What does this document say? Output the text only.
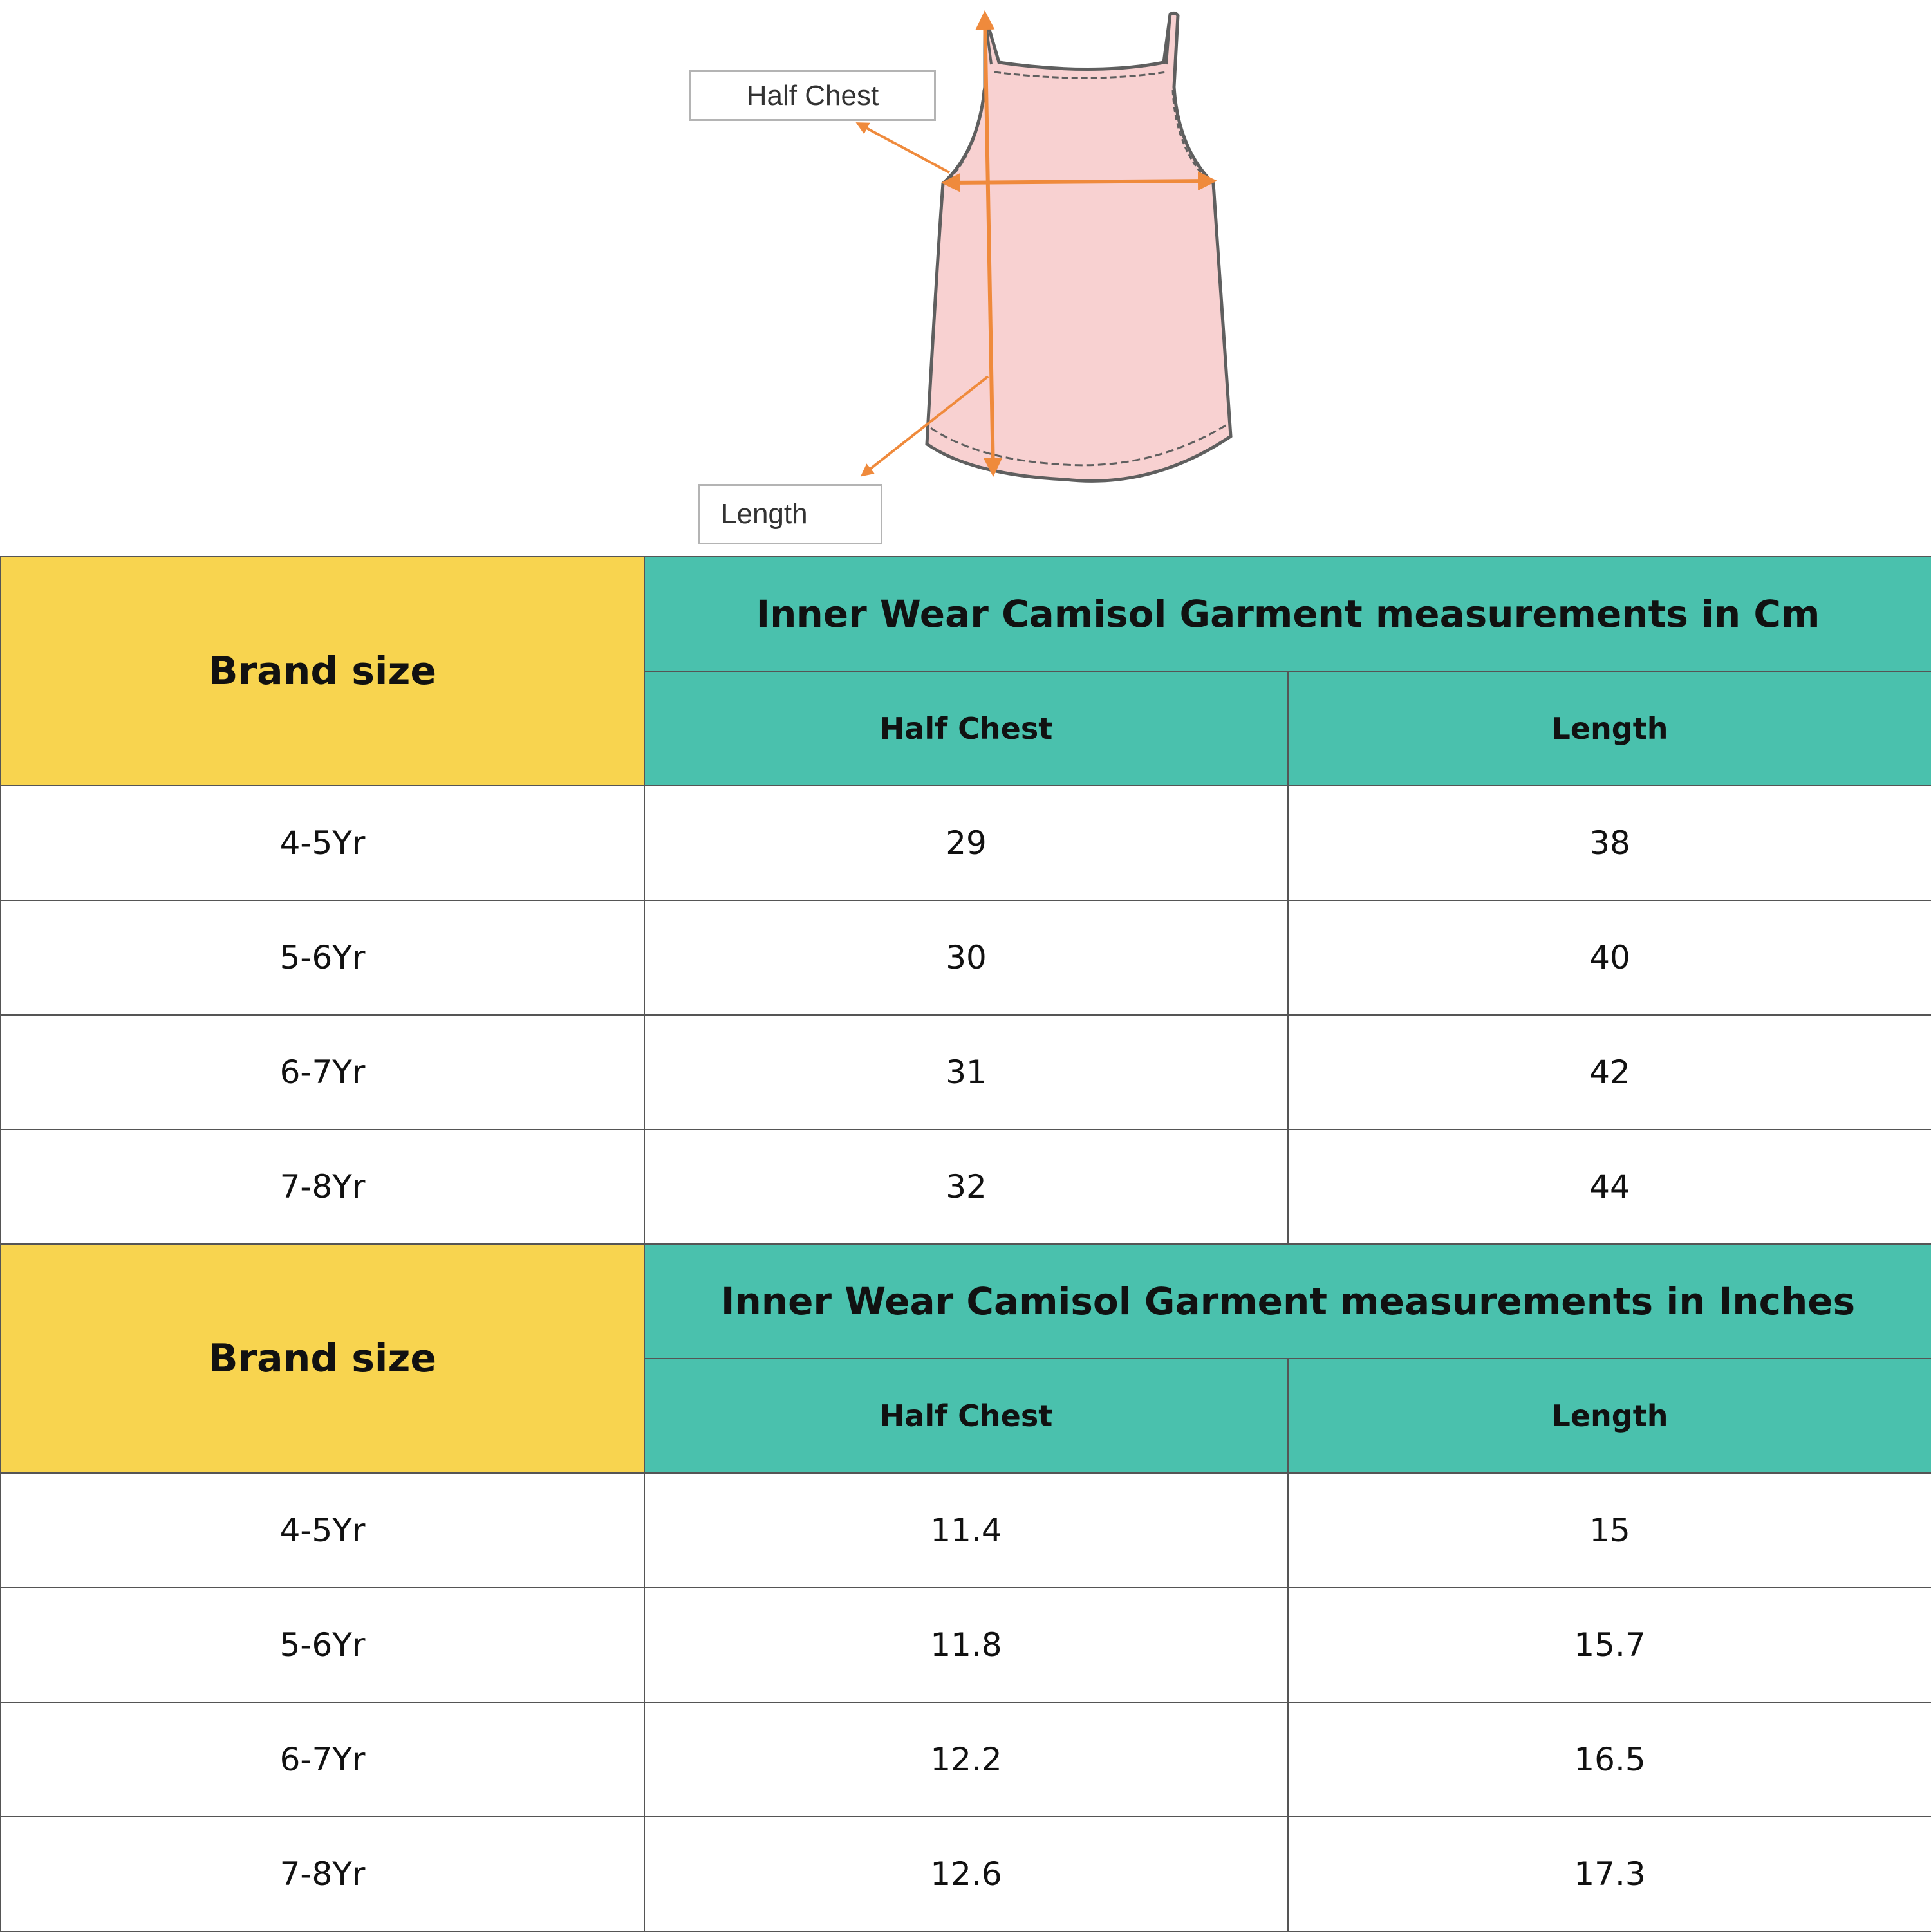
Half Chest
Length
Brand size	Inner Wear Camisol Garment measurements in Cm	
	Half Chest	Length
4-5Yr	29	38
5-6Yr	30	40
6-7Yr	31	42
7-8Yr	32	44
Brand size	Inner Wear Camisol Garment measurements in Inches	
	Half Chest	Length
4-5Yr	11.4	15
5-6Yr	11.8	15.7
6-7Yr	12.2	16.5
7-8Yr	12.6	17.3
